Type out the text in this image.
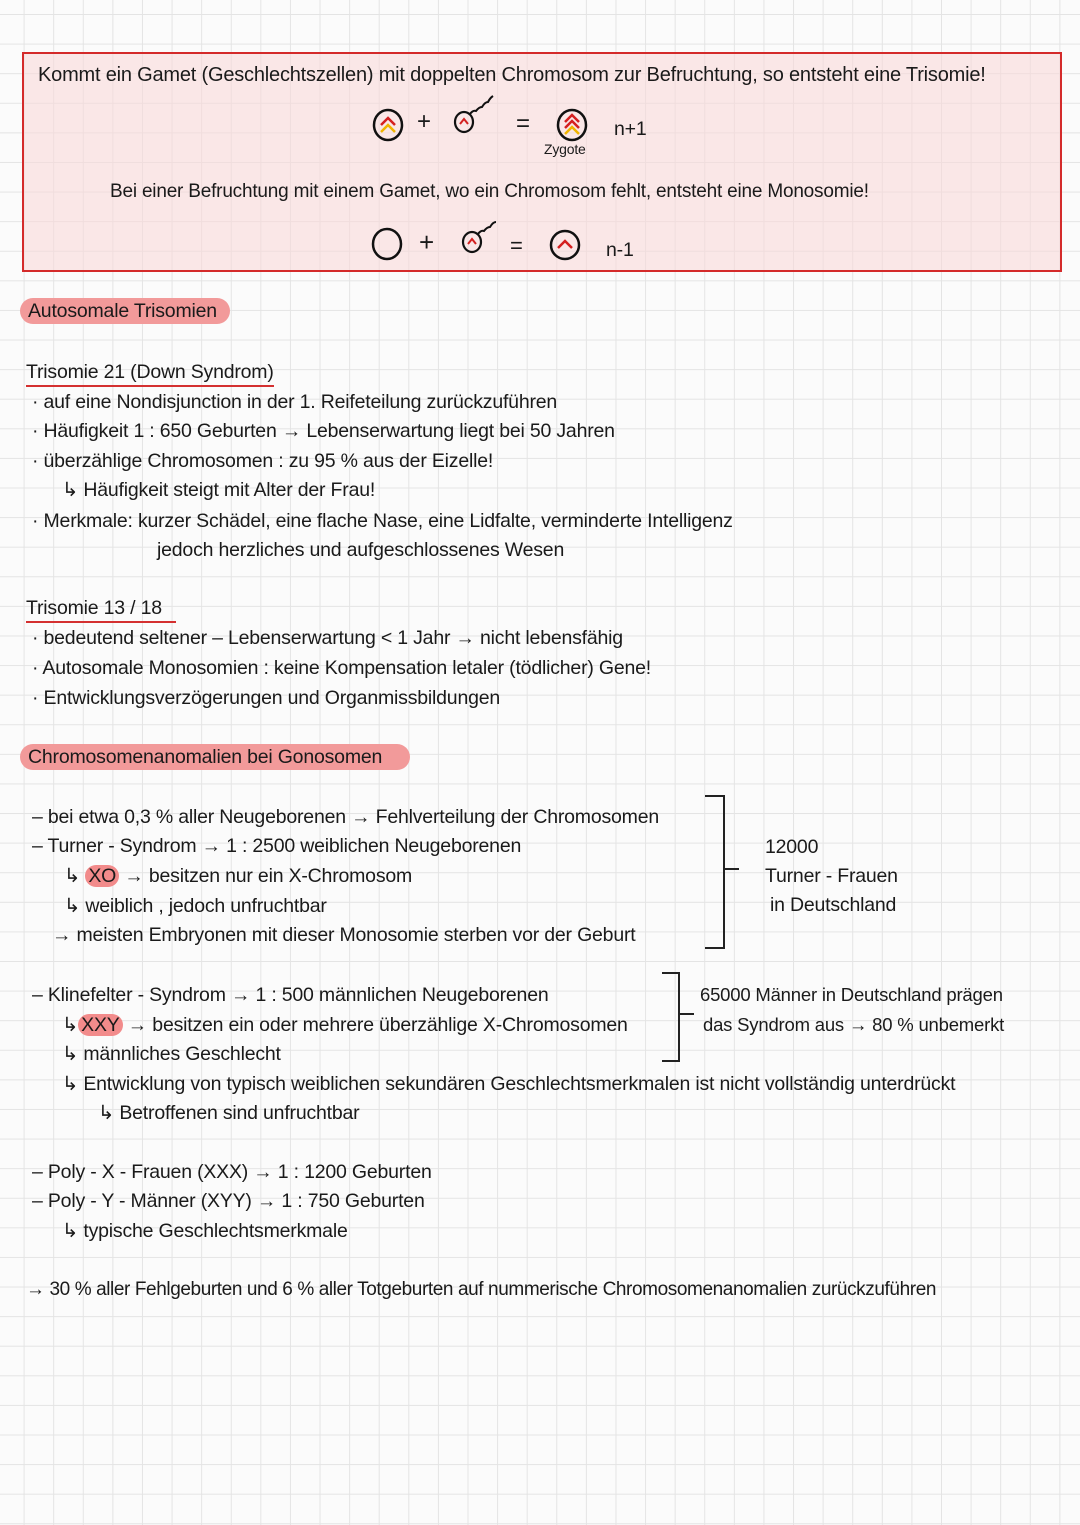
Kommt ein Gamet (Geschlechtszellen) mit doppelten Chromosom zur Befruchtung, so entsteht eine Trisomie!
+	=
Zygote
n+1
Bei einer Befruchtung mit einem Gamet, wo ein Chromosom fehlt, entsteht eine Monosomie!
+	=	n-1
Autosomale Trisomien
Trisomie 21 (Down Syndrom)
· auf eine Nondisjunction in der 1. Reifeteilung zurückzuführen
· Häufigkeit 1 : 650 Geburten → Lebenserwartung liegt bei 50 Jahren
· überzählige Chromosomen : zu 95 % aus der Eizelle!
↳ Häufigkeit steigt mit Alter der Frau!
· Merkmale: kurzer Schädel, eine flache Nase, eine Lidfalte, verminderte Intelligenz
jedoch herzliches und aufgeschlossenes Wesen
Trisomie 13 / 18
· bedeutend seltener – Lebenserwartung < 1 Jahr → nicht lebensfähig
· Autosomale Monosomien : keine Kompensation letaler (tödlicher) Gene!
· Entwicklungsverzögerungen und Organmissbildungen
Chromosomenanomalien bei Gonosomen
– bei etwa 0,3 % aller Neugeborenen → Fehlverteilung der Chromosomen
– Turner - Syndrom → 1 : 2500 weiblichen Neugeborenen
↳ XO → besitzen nur ein X-Chromosom
↳ weiblich , jedoch unfruchtbar
→ meisten Embryonen mit dieser Monosomie sterben vor der Geburt
12000
Turner - Frauen
in Deutschland
– Klinefelter - Syndrom → 1 : 500 männlichen Neugeborenen
↳ XXY → besitzen ein oder mehrere überzählige X-Chromosomen
↳ männliches Geschlecht
↳ Entwicklung von typisch weiblichen sekundären Geschlechtsmerkmalen ist nicht vollständig unterdrückt
↳ Betroffenen sind unfruchtbar
65000 Männer in Deutschland prägen
das Syndrom aus → 80 % unbemerkt
– Poly - X - Frauen (XXX) → 1 : 1200 Geburten
– Poly - Y - Männer (XYY) → 1 : 750 Geburten
↳ typische Geschlechtsmerkmale
→ 30 % aller Fehlgeburten und 6 % aller Totgeburten auf nummerische Chromosomenanomalien zurückzuführen
